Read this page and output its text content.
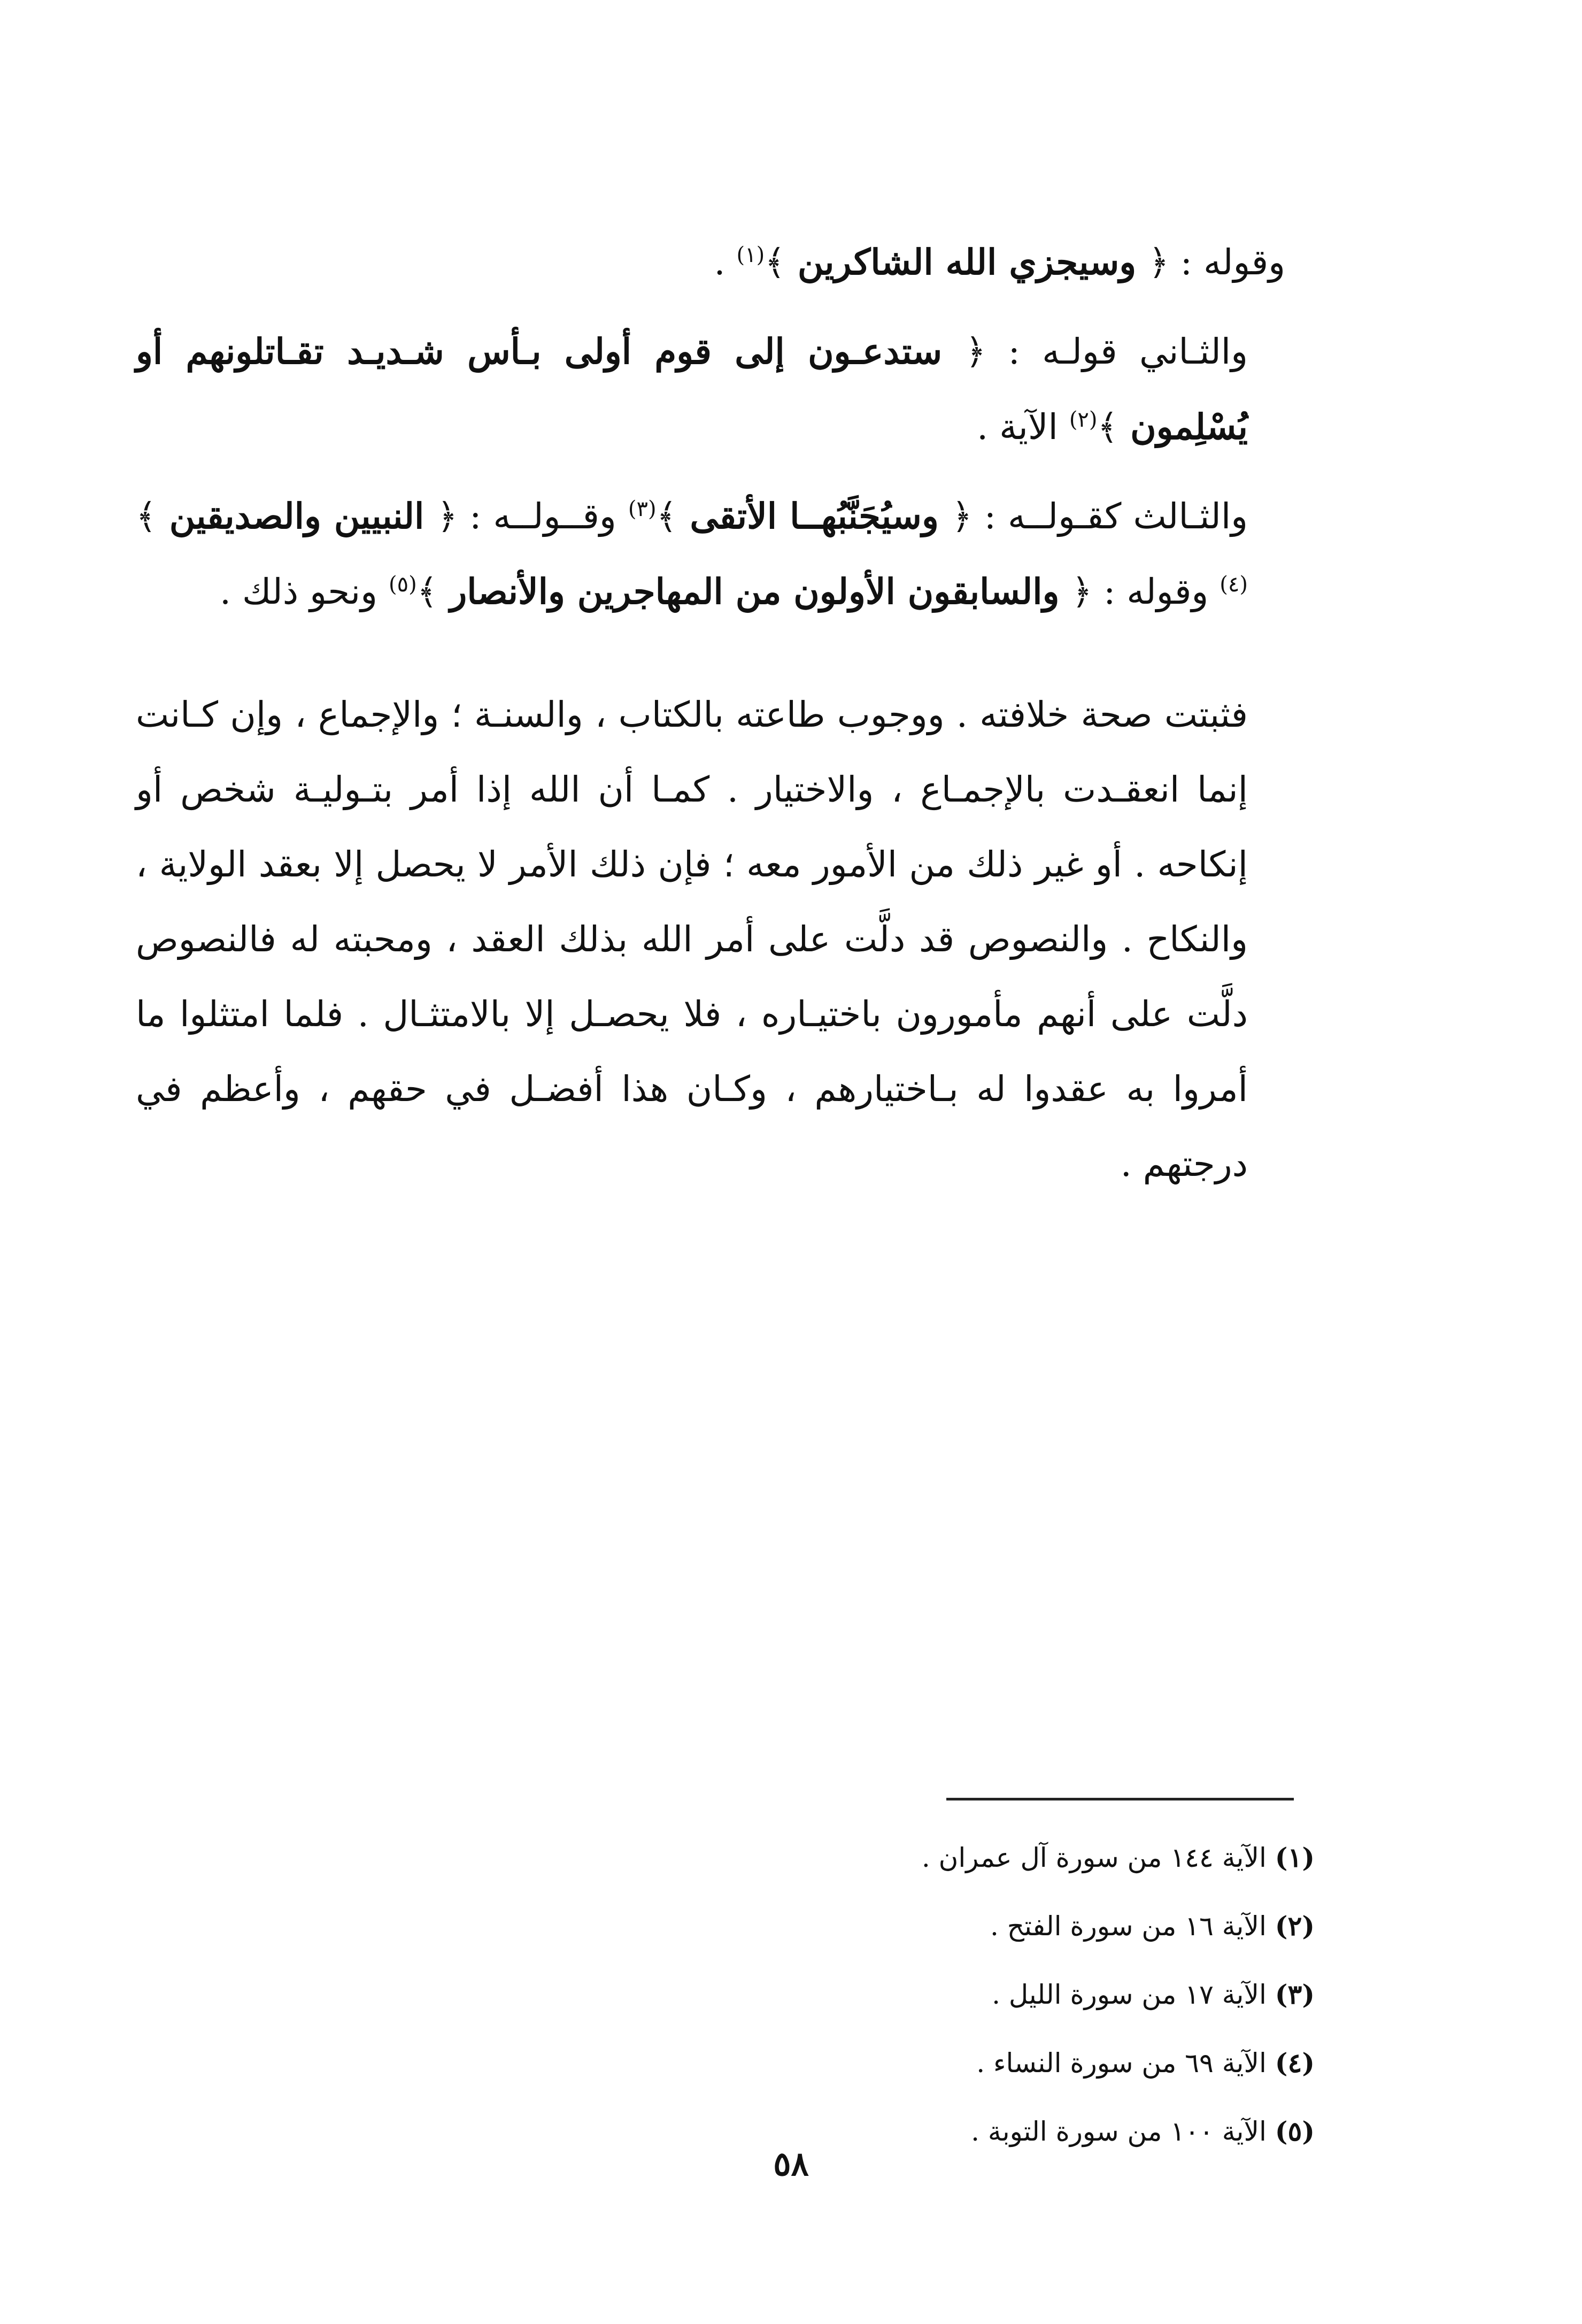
وقوله : ﴿ وسيجزي الله الشاكرين ﴾$^{(١)}$ .

والثـاني قولـه : ﴿ ستدعـون إلى قوم أولى بـأس شـديـد تقـاتلونهم أو يُسْلِمون ﴾$^{(٢)}$ الآية .

والثـالث كقـولــه : ﴿ وسيُجَنَّبُهــا الأتقى ﴾$^{(٣)}$ وقــولــه : ﴿ النبيين والصديقين ﴾$^{(٤)}$ وقوله : ﴿ والسابقون الأولون من المهاجرين والأنصار ﴾$^{(٥)}$ ونحو ذلك .

فثبتت صحة خلافته . ووجوب طاعته بالكتاب ، والسنـة ؛ والإجماع ، وإن كـانت إنما انعقـدت بالإجمـاع ، والاختيار . كمـا أن الله إذا أمر بتـوليـة شخص أو إنكاحه . أو غير ذلك من الأمور معه ؛ فإن ذلك الأمر لا يحصل إلا بعقد الولاية ، والنكاح . والنصوص قد دلَّت على أمر الله بذلك العقد ، ومحبته له فالنصوص دلَّت على أنهم مأمورون باختيـاره ، فلا يحصـل إلا بالامتثـال . فلما امتثلوا ما أمروا به عقدوا له بـاختيارهم ، وكـان هذا أفضـل في حقهم ، وأعظم في درجتهم .

(١) الآية ١٤٤ من سورة آل عمران .
(٢) الآية ١٦ من سورة الفتح .
(٣) الآية ١٧ من سورة الليل .
(٤) الآية ٦٩ من سورة النساء .
(٥) الآية ١٠٠ من سورة التوبة .
٥٨
